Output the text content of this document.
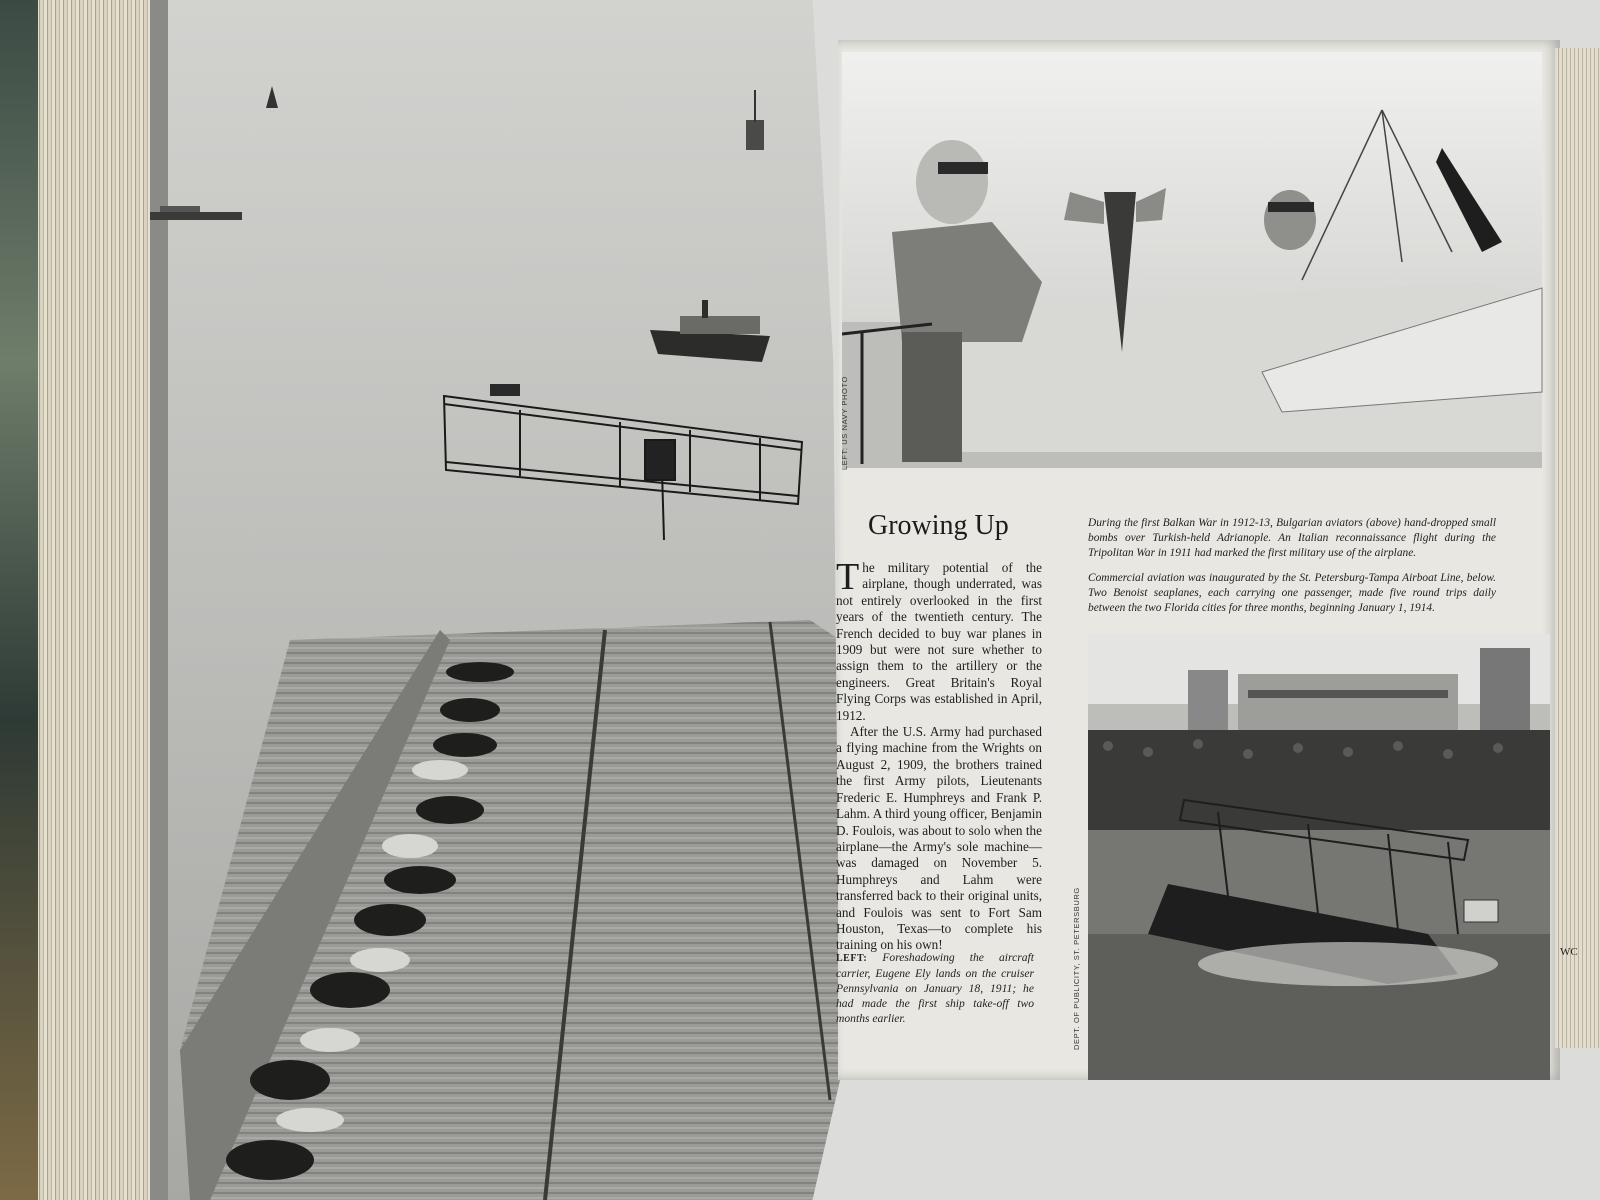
Growing Up

The military potential of the airplane, though underrated, was not entirely overlooked in the first years of the twentieth century. The French decided to buy war planes in 1909 but were not sure whether to assign them to the artillery or the engineers. Great Britain's Royal Flying Corps was established in April, 1912.

After the U.S. Army had purchased a flying machine from the Wrights on August 2, 1909, the brothers trained the first Army pilots, Lieutenants Frederic E. Humphreys and Frank P. Lahm. A third young officer, Benjamin D. Foulois, was about to solo when the airplane—the Army's sole machine—was damaged on November 5. Humphreys and Lahm were transferred back to their original units, and Foulois was sent to Fort Sam Houston, Texas—to complete his training on his own!

LEFT: Foreshadowing the aircraft carrier, Eugene Ely lands on the cruiser Pennsylvania on January 18, 1911; he had made the first ship take-off two months earlier.

During the first Balkan War in 1912-13, Bulgarian aviators (above) hand-dropped small bombs over Turkish-held Adrianople. An Italian reconnaissance flight during the Tripolitan War in 1911 had marked the first military use of the airplane.

Commercial aviation was inaugurated by the St. Petersburg-Tampa Airboat Line, below. Two Benoist seaplanes, each carrying one passenger, made five round trips daily between the two Florida cities for three months, beginning January 1, 1914.

LEFT: US NAVY PHOTO
DEPT. OF PUBLICITY, ST. PETERSBURG	WC
